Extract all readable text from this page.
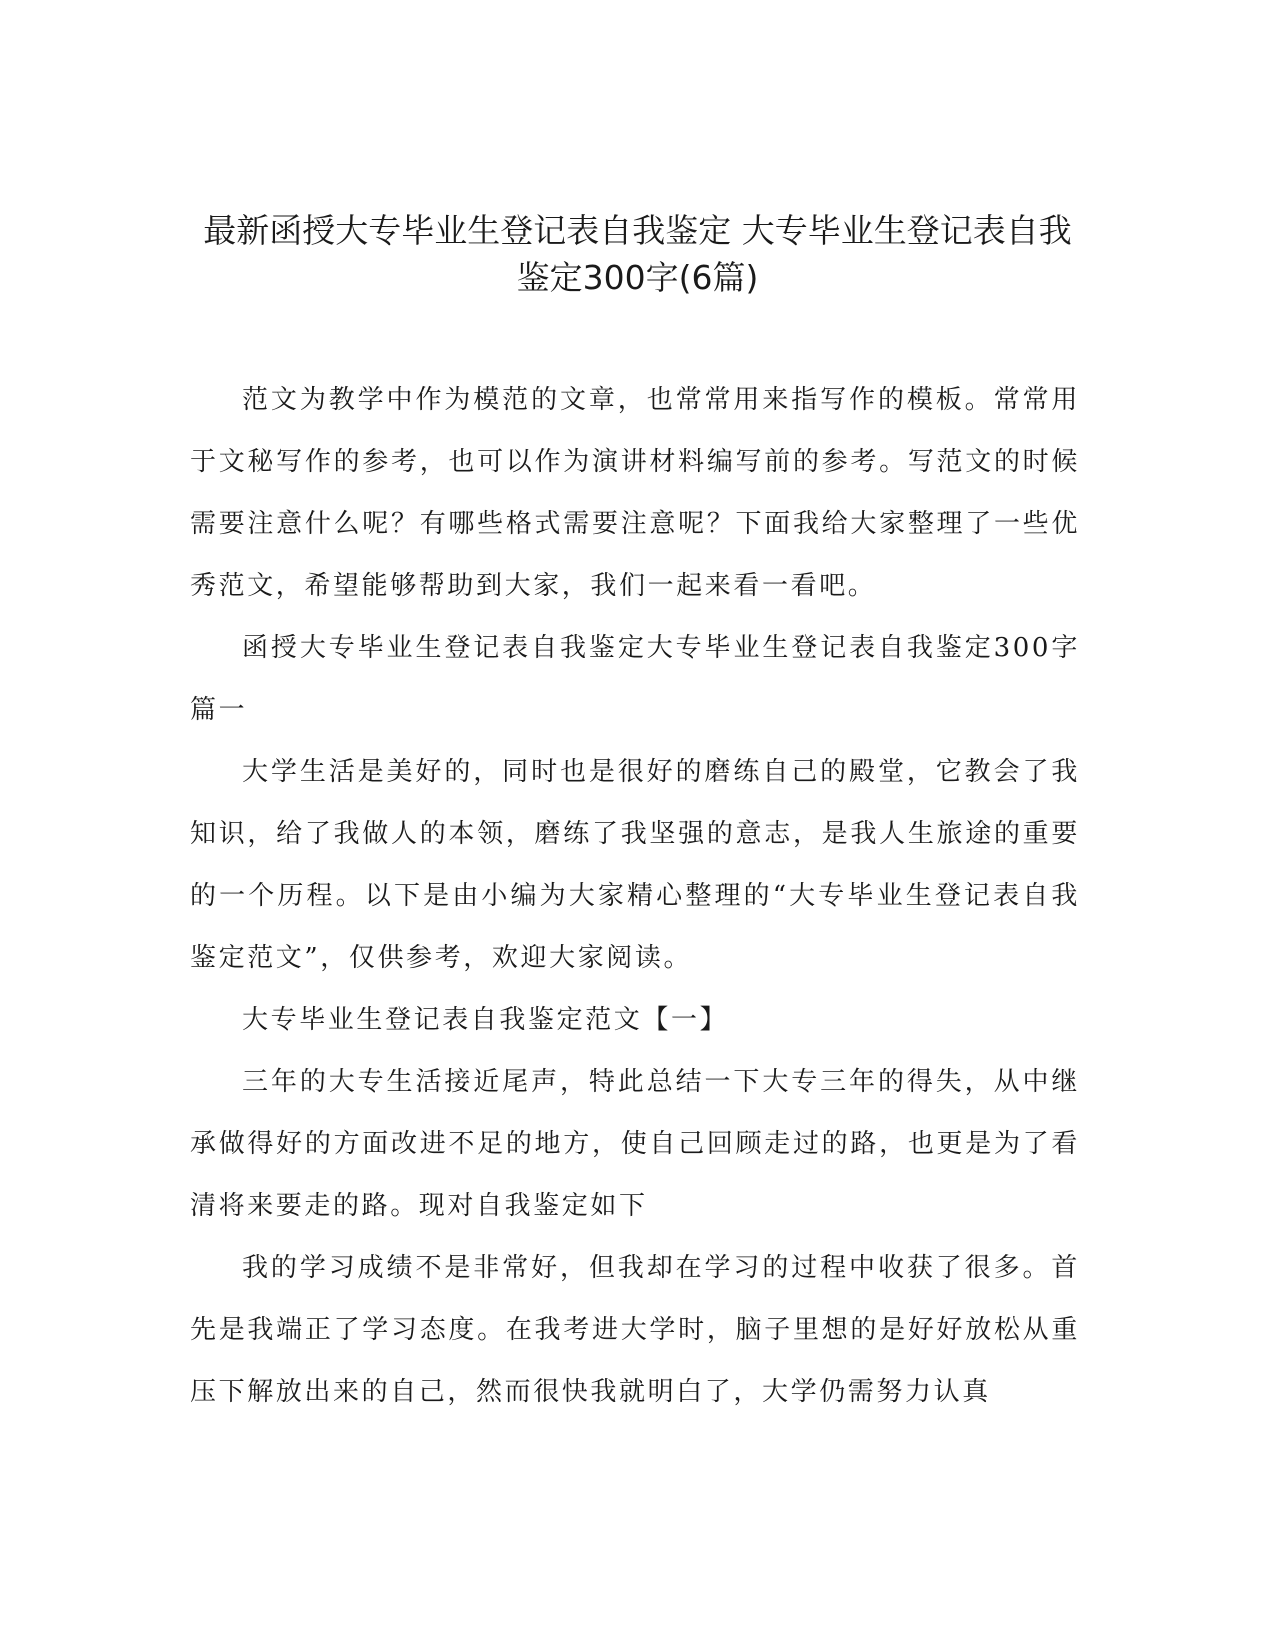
最新函授大专毕业生登记表自我鉴定 大专毕业生登记表自我
鉴定300字(6篇)

范文为教学中作为模范的文章，也常常用来指写作的模板。常常用于文秘写作的参考，也可以作为演讲材料编写前的参考。写范文的时候需要注意什么呢？有哪些格式需要注意呢？下面我给大家整理了一些优秀范文，希望能够帮助到大家，我们一起来看一看吧。

函授大专毕业生登记表自我鉴定大专毕业生登记表自我鉴定300字篇一

大学生活是美好的，同时也是很好的磨练自己的殿堂，它教会了我知识，给了我做人的本领，磨练了我坚强的意志，是我人生旅途的重要的一个历程。以下是由小编为大家精心整理的“大专毕业生登记表自我鉴定范文”，仅供参考，欢迎大家阅读。

大专毕业生登记表自我鉴定范文【一】

三年的大专生活接近尾声，特此总结一下大专三年的得失，从中继承做得好的方面改进不足的地方，使自己回顾走过的路，也更是为了看清将来要走的路。现对自我鉴定如下

我的学习成绩不是非常好，但我却在学习的过程中收获了很多。首先是我端正了学习态度。在我考进大学时，脑子里想的是好好放松从重压下解放出来的自己，然而很快我就明白了，大学仍需努力认真
